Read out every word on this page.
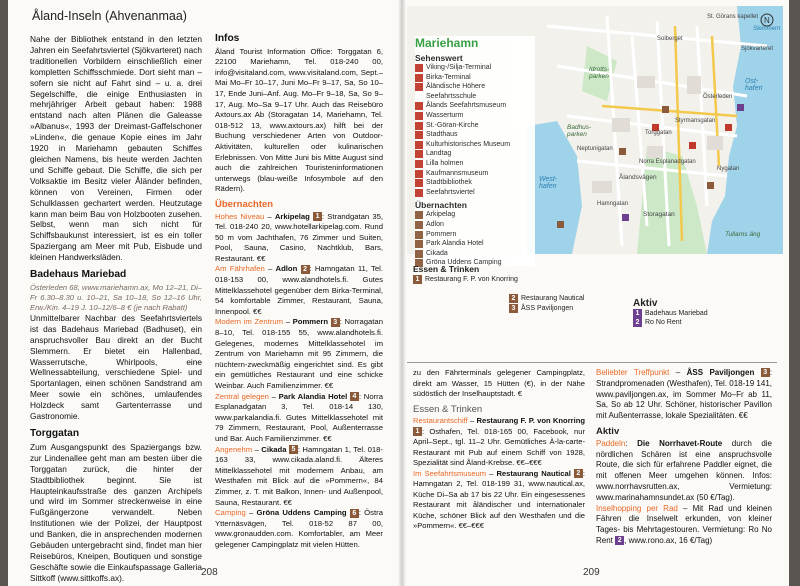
Åland-Inseln (Ahvenanmaa)

Nahe der Bibliothek entstand in den letzten Jahren ein Seefahrtsviertel (Sjökvarteret) nach traditionellen Vorbildern einschließlich einer kompletten Schiffsschmiede. Dort sieht man – sofern sie nicht auf Fahrt sind – u. a. drei Segelschiffe, die einige Enthusiasten in mehrjähriger Arbeit gebaut haben: 1988 entstand nach alten Plänen die Galeasse »Albanus«, 1993 der Dreimast-Gaffelschoner »Linden«, die genaue Kopie eines im Jahr 1920 in Mariehamn gebauten Schiffes gleichen Namens, bis heute werden Jachten und Schiffe gebaut. Die Schiffe, die sich per Volksaktie im Besitz vieler Åländer befinden, können von Vereinen, Firmen oder Schulklassen gechartert werden. Heutzutage kann man beim Bau von Holzbooten zusehen. Selbst, wenn man sich nicht für Schiffsbaukunst interessiert, ist es ein toller Spaziergang am Meer mit Pub, Eisbude und kleinen Handwerksläden.

Badehaus Mariebad

Österleden 68, www.mariehamn.ax, Mo 12–21, Di–Fr 6.30–8.30 u. 10–21, Sa 10–18, So 12–16 Uhr, Erw./Kin. 4–19 J. 10–12/6–8 € (je nach Rabatt)

Unmittelbarer Nachbar des Seefahrtsviertels ist das Badehaus Mariebad (Badhuset), ein anspruchsvoller Bau direkt an der Bucht Slemmern. Er bietet ein Hallenbad, Wasserrutsche, Whirlpools, eine Wellnessabteilung, verschiedene Spiel- und Sportanlagen, einen schönen Sandstrand am Meer sowie ein schönes, umlaufendes Holzdeck samt Gartenterrasse und Gastronomie.

Torggatan

Zum Ausgangspunkt des Spaziergangs bzw. zur Lindenallee geht man am besten über die Torggatan zurück, die hinter der Stadtbibliothek beginnt. Sie ist Haupteinkaufsstraße des ganzen Archipels und wird im Sommer streckenweise in eine Fußgängerzone verwandelt. Neben Institutionen wie der Polizei, der Hauptpost und Banken, die in ansprechenden modernen Gebäuden untergebracht sind, findet man hier Reisebüros, Kneipen, Boutiquen und sonstige Geschäfte sowie die Einkaufspassage Galleria Sittkoff (www.sittkoffs.ax).

Infos

Åland Tourist Information Office: Torggatan 6, 22100 Mariehamn, Tel. 018-240 00, info@visitaland.com, www.visitaland.com, Sept.–Mai Mo–Fr 10–17, Juni Mo–Fr 9–17, Sa, So 10–17, Ende Juni–Anf. Aug. Mo–Fr 9–18, Sa, So 9–17, Aug. Mo–Sa 9–17 Uhr. Auch das Reisebüro Axtours.ax Ab (Storagatan 14, Mariehamn, Tel. 018-512 13, www.axtours.ax) hilft bei der Buchung verschiedener Arten von Outdoor-Aktivitäten, kulturellen oder kulinarischen Erlebnissen. Von Mitte Juni bis Mitte August sind auch die zahlreichen Touristeninformationen unterwegs (blau-weiße Infosymbole auf den Rädern).

Übernachten

Hohes Niveau – Arkipelag 1 : Strandgatan 35, Tel. 018-240 20, www.hotellarkipelag.com. Rund 50 m vom Jachthafen, 76 Zimmer und Suiten, Pool, Sauna, Casino, Nachtklub, Bars, Restaurant. €€

Am Fährhafen – Adlon 2 : Hamngatan 11, Tel. 018-153 00, www.alandhotels.fi. Gutes Mittelklassehotel gegenüber dem Birka-Terminal, 54 komfortable Zimmer, Restaurant, Sauna, Innenpool. €€

Modern im Zentrum – Pommern 3 : Norragatan 8–10, Tel. 018-155 55, www.alandhotels.fi. Gelegenes, modernes Mittelklassehotel im Zentrum von Mariehamn mit 95 Zimmern, die nüchtern-zweckmäßig eingerichtet sind. Es gibt ein gemütliches Restaurant und eine schicke Weinbar. Auch Familienzimmer. €€

Zentral gelegen – Park Alandia Hotel 4 : Norra Esplanadgatan 3, Tel. 018-14 130, www.parkalandia.fi. Gutes Mittelklassehotel mit 79 Zimmern, Restaurant, Pool, Außenterrasse und Bar. Auch Familienzimmer. €€

Angenehm – Cikada 5 : Hamngatan 1, Tel. 018-163 33, www.cikada.aland.fi. Älteres Mittelklassehotel mit modernem Anbau, am Westhafen mit Blick auf die »Pommern«, 84 Zimmer, z. T. mit Balkon, Innen- und Außenpool, Sauna, Restaurant. €€

Camping – Gröna Uddens Camping 6 : Östra Ytternäsvägen, Tel. 018-52 87 00, www.gronaudden.com. Komfortabler, am Meer gelegener Campingplatz mit vielen Hütten.

208
N
West-hafen
Ost-hafen
Badhus-parken
Idrotts-parken
Tullarns äng
Ålandsvägen
Storagatan
Norra Esplanadgatan
Torggatan
Hamngatan
Styrmansgatan
Nygatan
Österleden
Sjökvarteret
Slemmern
St. Görans kapellet
Solberget
Neptunigatan
Mariehamn
Sehenswert
Viking-/Silja-Terminal
Birka-Terminal
Åländische Höhere Seefahrtsschule
Ålands Seefahrtsmuseum
Wasserturm
St.-Göran-Kirche
Stadthaus
Kulturhistorisches Museum
Landtag
Lilla holmen
Kaufmannsmuseum
Stadtbibliothek
Seefahrtsviertel
Übernachten
Arkipelag
Adlon
Pommern
Park Alandia Hotel
Cikada
Gröna Uddens Camping
Essen & Trinken
1 Restaurang F. P. von Knorring
2 Restaurang Nautical
3 ÅSS Paviljongen	Aktiv
1 Badehaus Mariebad
2 Ro No Rent

zu den Fährterminals gelegener Campingplatz, direkt am Wasser, 15 Hütten (€), in der Nähe südöstlich der Inselhauptstadt. €

Essen & Trinken

Restaurantschiff – Restaurang F. P. von Knorring 1 : Osthafen, Tel. 018-165 00, Facebook, nur April–Sept., tgl. 11–2 Uhr. Gemütliches À-la-carte-Restaurant mit Pub auf einem Schiff von 1928, Spezialität sind Åland-Krebse. €€–€€€

Im Seefahrtsmuseum – Restaurang Nautical 2 : Hamngatan 2, Tel. 018-199 31, www.nautical.ax, Küche Di–Sa ab 17 bis 22 Uhr. Ein eingesessenes Restaurant mit åländischer und internationaler Küche, schöner Blick auf den Westhafen und die »Pommern«. €€–€€€

Beliebter Treffpunkt – ÅSS Paviljongen 3 : Strandpromenaden (Westhafen), Tel. 018-19 141, www.paviljongen.ax, im Sommer Mo–Fr ab 11, Sa, So ab 12 Uhr. Schöner, historischer Pavillon mit Außenterrasse, lokale Spezialitäten. €€

Aktiv

Paddeln: Die Norrhavet-Route durch die nördlichen Schären ist eine anspruchsvolle Route, die sich für erfahrene Paddler eignet, die mit offenen Meer umgehen können. Infos: www.norrhavsrutten.ax, Vermietung: www.marinahamnsundet.ax (50 €/Tag).

Inselhopping per Rad – Mit Rad und kleinen Fähren die Inselwelt erkunden, von kleiner Tages- bis Mehrtagestouren. Vermietung: Ro No Rent 2 , www.rono.ax, 16 €/Tag)

209
